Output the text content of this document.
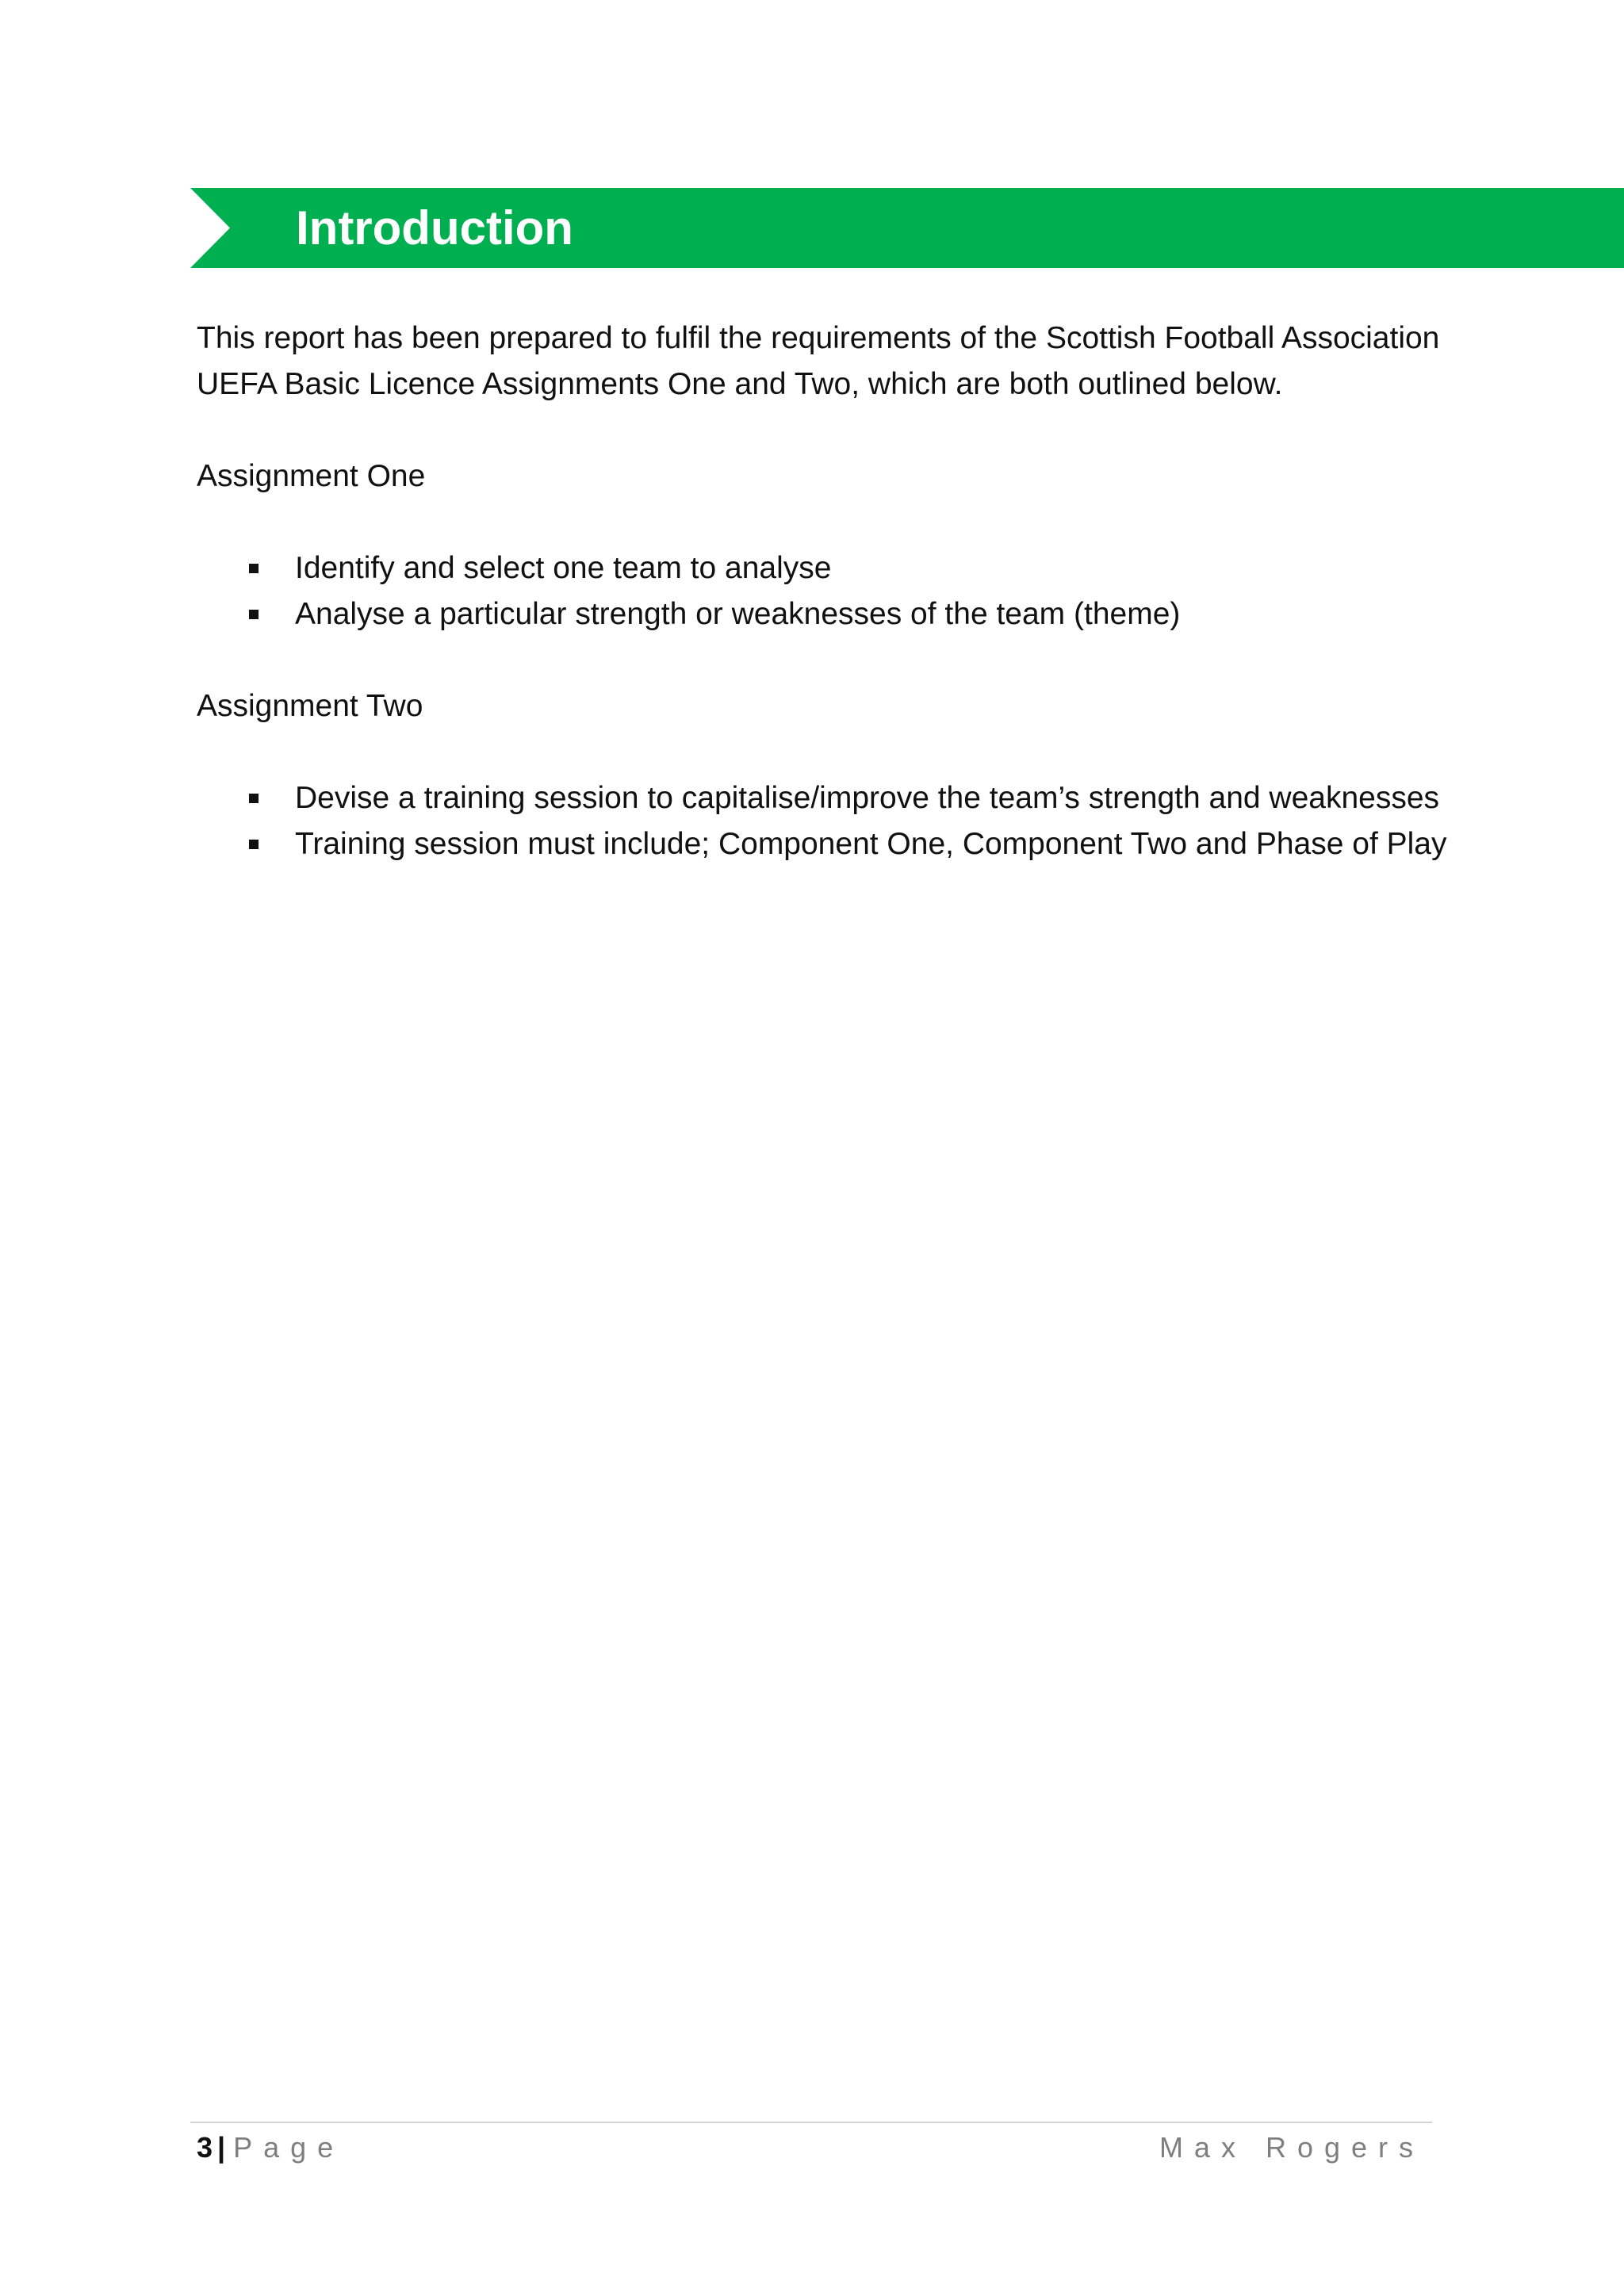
Introduction
This report has been prepared to fulfil the requirements of the Scottish Football Association UEFA Basic Licence Assignments One and Two, which are both outlined below.
Assignment One
Identify and select one team to analyse
Analyse a particular strength or weaknesses of the team (theme)
Assignment Two
Devise a training session to capitalise/improve the team’s strength and weaknesses
Training session must include; Component One, Component Two and Phase of Play
3 | Page	Max Rogers
